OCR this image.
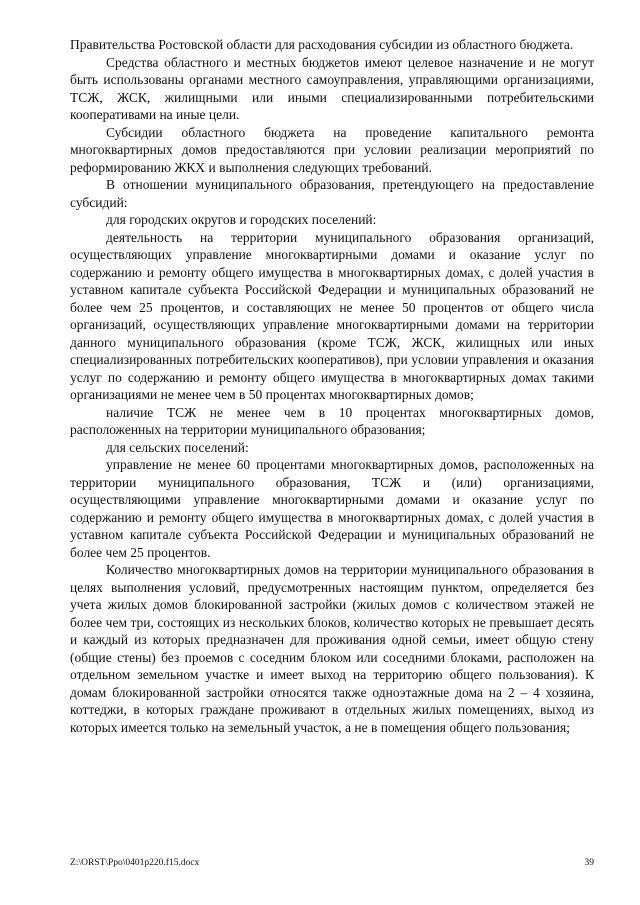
Правительства Ростовской области для расходования субсидии из областного бюджета.

Средства областного и местных бюджетов имеют целевое назначение и не могут быть использованы органами местного самоуправления, управляющими организациями, ТСЖ, ЖСК, жилищными или иными специализированными потребительскими кооперативами на иные цели.

Субсидии областного бюджета на проведение капитального ремонта многоквартирных домов предоставляются при условии реализации мероприятий по реформированию ЖКХ и выполнения следующих требований.

В отношении муниципального образования, претендующего на предоставление субсидий:

для городских округов и городских поселений:

деятельность на территории муниципального образования организаций, осуществляющих управление многоквартирными домами и оказание услуг по содержанию и ремонту общего имущества в многоквартирных домах, с долей участия в уставном капитале субъекта Российской Федерации и муниципальных образований не более чем 25 процентов, и составляющих не менее 50 процентов от общего числа организаций, осуществляющих управление многоквартирными домами на территории данного муниципального образования (кроме ТСЖ, ЖСК, жилищных или иных специализированных потребительских кооперативов), при условии управления и оказания услуг по содержанию и ремонту общего имущества в многоквартирных домах такими организациями не менее чем в 50 процентах многоквартирных домов;

наличие ТСЖ не менее чем в 10 процентах многоквартирных домов, расположенных на территории муниципального образования;

для сельских поселений:

управление не менее 60 процентами многоквартирных домов, расположенных на территории муниципального образования, ТСЖ и (или) организациями, осуществляющими управление многоквартирными домами и оказание услуг по содержанию и ремонту общего имущества в многоквартирных домах, с долей участия в уставном капитале субъекта Российской Федерации и муниципальных образований не более чем 25 процентов.

Количество многоквартирных домов на территории муниципального образования в целях выполнения условий, предусмотренных настоящим пунктом, определяется без учета жилых домов блокированной застройки (жилых домов с количеством этажей не более чем три, состоящих из нескольких блоков, количество которых не превышает десять и каждый из которых предназначен для проживания одной семьи, имеет общую стену (общие стены) без проемов с соседним блоком или соседними блоками, расположен на отдельном земельном участке и имеет выход на территорию общего пользования). К домам блокированной застройки относятся также одноэтажные дома на 2 – 4 хозяина, коттеджи, в которых граждане проживают в отдельных жилых помещениях, выход из которых имеется только на земельный участок, а не в помещения общего пользования;

Z:\ORST\Ppo\0401p220.f15.docx	39
